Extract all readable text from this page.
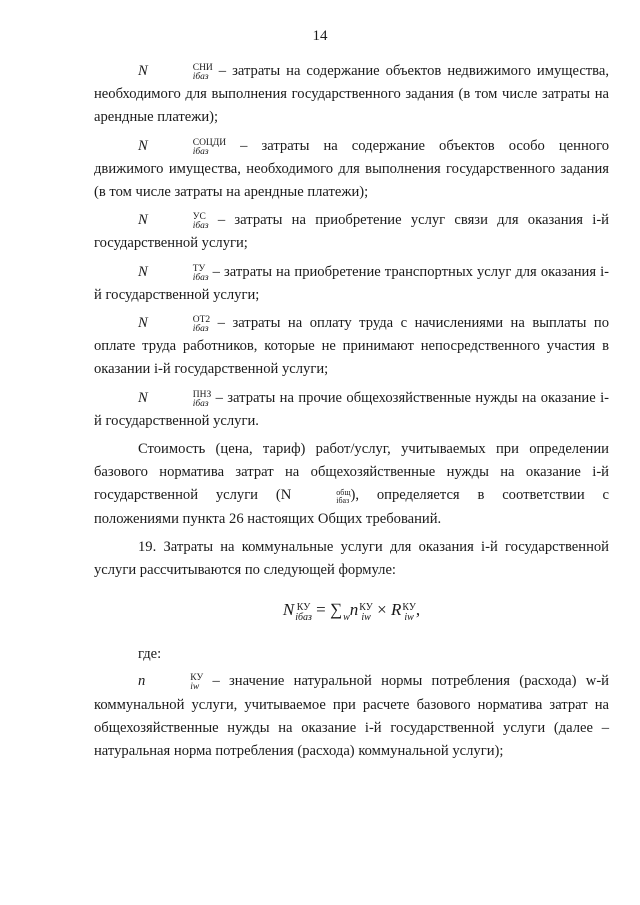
14

N	СНИ
iбаз – затраты на содержание объектов недвижимого имущества, необходимого для выполнения государственного задания (в том числе затраты на арендные платежи);

N	СОЦДИ
iбаз	– затраты на содержание объектов особо ценного движимого имущества, необходимого для выполнения государственного задания (в том числе затраты на арендные платежи);

N	УС
iбаз – затраты на приобретение услуг связи для оказания i-й государственной услуги;

N	ТУ
iбаз – затраты на приобретение транспортных услуг для оказания i-й государственной услуги;

N	ОТ2
iбаз – затраты на оплату труда с начислениями на выплаты по оплате труда работников, которые не принимают непосредственного участия в оказании i-й государственной услуги;

N	ПНЗ
iбаз – затраты на прочие общехозяйственные нужды на оказание i-й государственной услуги.

Стоимость (цена, тариф) работ/услуг, учитываемых при определении базового норматива затрат на общехозяйственные нужды на оказание i-й государственной услуги (N	общ
iбаз ), определяется в соответствии с положениями пункта 26 настоящих Общих требований.

19. Затраты на коммунальные услуги для оказания i-й государственной услуги рассчитываются по следующей формуле:

N КУ
iбаз = ∑
w n КУ
iw × R КУ
iw ,

где:

n	КУ
iw – значение натуральной нормы потребления (расхода) w-й коммунальной услуги, учитываемое при расчете базового норматива затрат на общехозяйственные нужды на оказание i-й государственной услуги (далее – натуральная норма потребления (расхода) коммунальной услуги);
